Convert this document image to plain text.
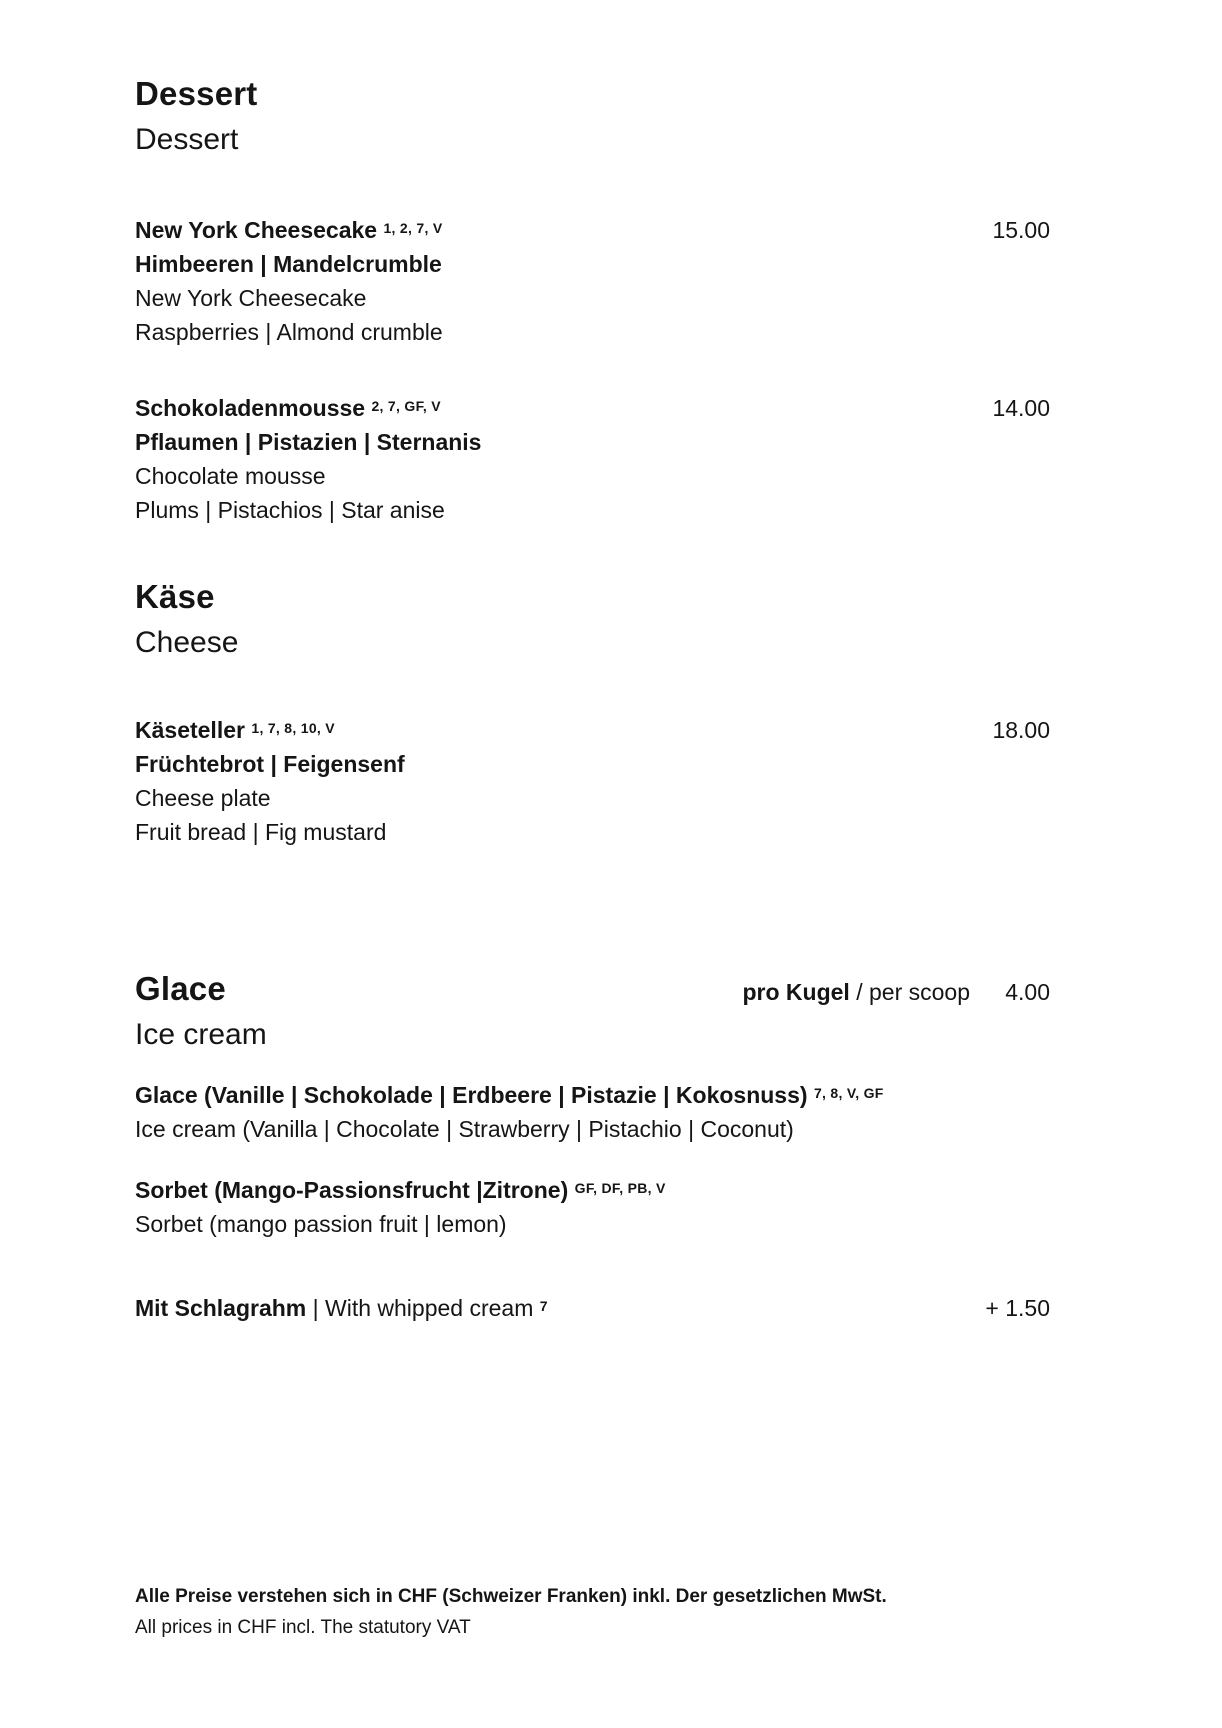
Dessert
Dessert
New York Cheesecake $^{1, 2, 7, V}$	15.00
Himbeeren | Mandelcrumble
New York Cheesecake
Raspberries | Almond crumble
Schokoladenmousse $^{2, 7, GF, V}$	14.00
Pflaumen | Pistazien | Sternanis
Chocolate mousse
Plums | Pistachios | Star anise
Käse
Cheese
Käseteller $^{1, 7, 8, 10, V}$	18.00
Früchtebrot | Feigensenf
Cheese plate
Fruit bread | Fig mustard
Glace	pro Kugel / per scoop	4.00
Ice cream
Glace (Vanille | Schokolade | Erdbeere | Pistazie | Kokosnuss) $^{7, 8, V, GF}$
Ice cream (Vanilla | Chocolate | Strawberry | Pistachio | Coconut)
Sorbet (Mango-Passionsfrucht |Zitrone) $^{GF, DF, PB, V}$
Sorbet (mango passion fruit | lemon)
Mit Schlagrahm | With whipped cream $^7$	+ 1.50
Alle Preise verstehen sich in CHF (Schweizer Franken) inkl. Der gesetzlichen MwSt.
All prices in CHF incl. The statutory VAT
